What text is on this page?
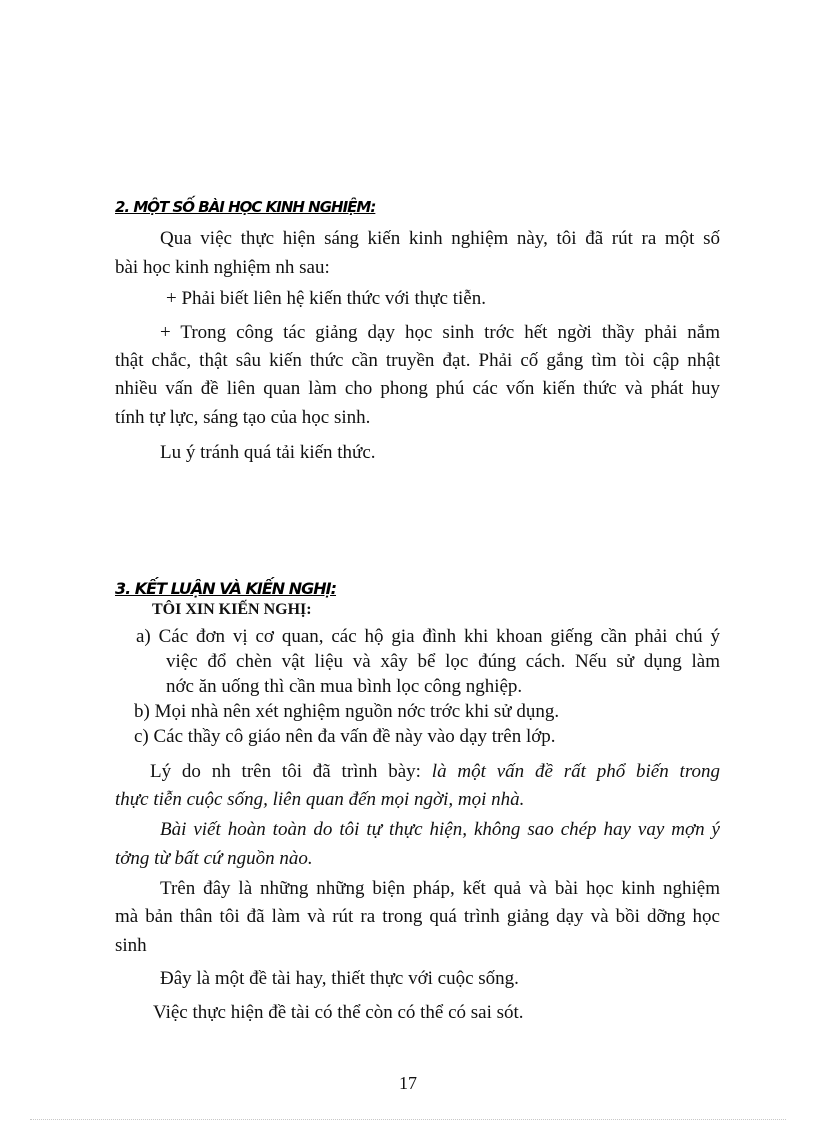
2. MỘT SỐ BÀI HỌC KINH NGHIỆM:

Qua việc thực hiện sáng kiến kinh nghiệm này, tôi đã rút ra một số

bài học kinh nghiệm nh sau:

+ Phải biết liên hệ kiến thức với thực tiễn.

+ Trong công tác giảng dạy học sinh trớc hết ngời thầy phải nắm

thật chắc, thật sâu kiến thức cần truyền đạt. Phải cố gắng tìm tòi cập nhật

nhiều vấn đề liên quan làm cho phong phú các vốn kiến thức và phát huy

tính tự lực, sáng tạo của học sinh.

Lu ý tránh quá tải kiến thức.

3. KẾT LUẬN VÀ KIẾN NGHỊ:

TÔI XIN KIẾN NGHỊ:

a) Các đơn vị cơ quan, các hộ gia đình khi khoan giếng cần phải chú ý

việc đổ chèn vật liệu và xây bể lọc đúng cách. Nếu sử dụng làm

nớc ăn uống thì cần mua bình lọc công nghiệp.

b) Mọi nhà nên xét nghiệm nguồn nớc trớc khi sử dụng.

c) Các thầy cô giáo nên đa vấn đề này vào dạy trên lớp.

Lý do nh trên tôi đã trình bày: là một vấn đề rất phổ biến trong

thực tiễn cuộc sống, liên quan đến mọi ngời, mọi nhà.

Bài viết hoàn toàn do tôi tự thực hiện, không sao chép hay vay mợn ý

tởng từ bất cứ nguồn nào.

Trên đây là những những biện pháp, kết quả và bài học kinh nghiệm

mà bản thân tôi đã làm và rút ra trong quá trình giảng dạy và bồi dỡng học

sinh

Đây là một đề tài hay, thiết thực với cuộc sống.

Việc thực hiện đề tài có thể còn có thể có sai sót.

17
